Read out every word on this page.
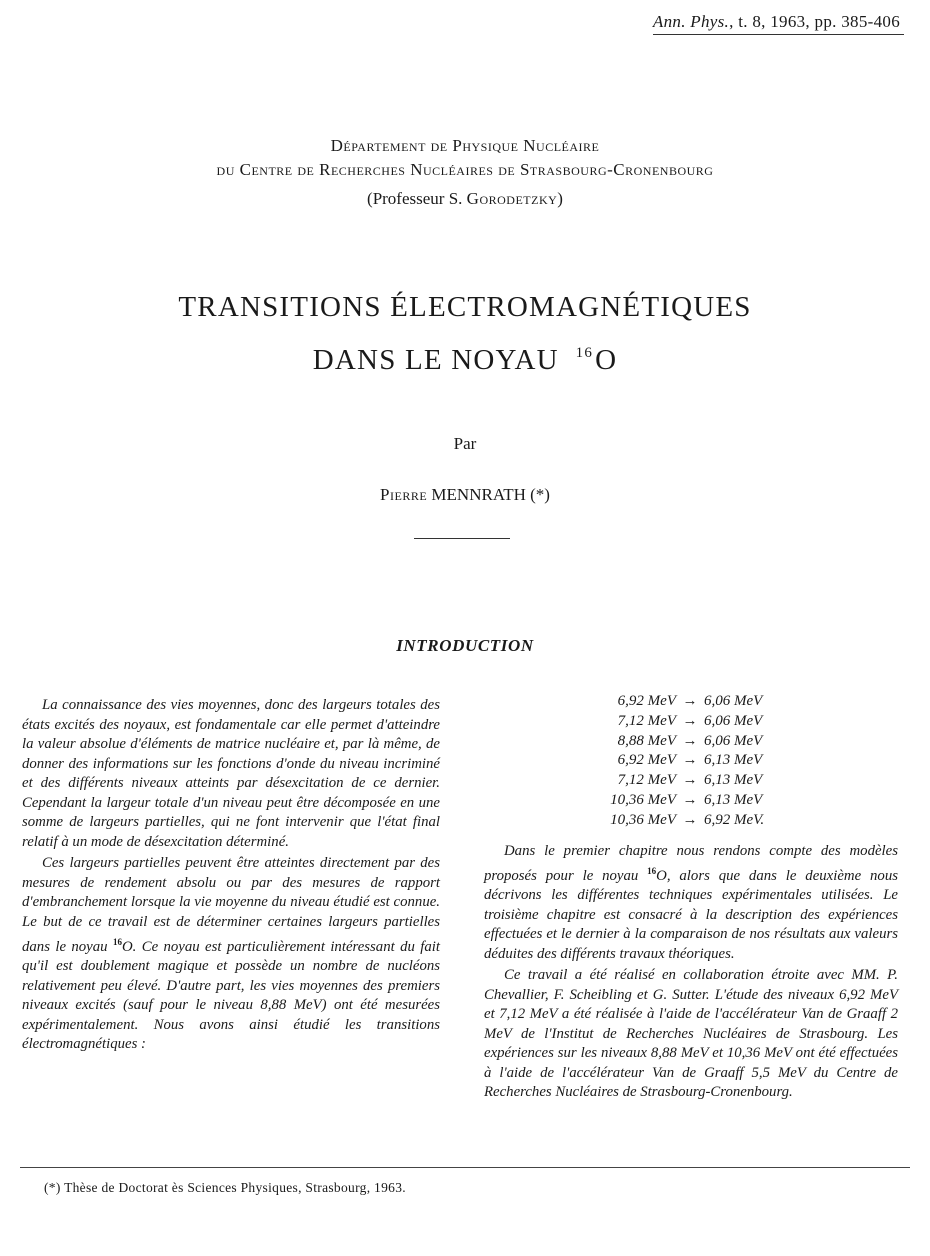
Ann. Phys., t. 8, 1963, pp. 385-406
Département de Physique Nucléaire
du Centre de Recherches Nucléaires de Strasbourg-Cronenbourg
(Professeur S. Gorodetzky)
TRANSITIONS ÉLECTROMAGNÉTIQUES
DANS LE NOYAU $^{16}$O
Par
Pierre MENNRATH (*)
INTRODUCTION

La connaissance des vies moyennes, donc des largeurs totales des états excités des noyaux, est fondamentale car elle permet d'atteindre la valeur absolue d'éléments de matrice nucléaire et, par là même, de donner des informations sur les fonctions d'onde du niveau incriminé et des différents niveaux atteints par désexcitation de ce dernier. Cependant la largeur totale d'un niveau peut être décomposée en une somme de largeurs partielles, qui ne font intervenir que l'état final relatif à un mode de désexcitation déterminé.

Ces largeurs partielles peuvent être atteintes directement par des mesures de rendement absolu ou par des mesures de rapport d'embranchement lorsque la vie moyenne du niveau étudié est connue. Le but de ce travail est de déterminer certaines largeurs partielles dans le noyau $^{16}$O. Ce noyau est particulièrement intéressant du fait qu'il est doublement magique et possède un nombre de nucléons relativement peu élevé. D'autre part, les vies moyennes des premiers niveaux excités (sauf pour le niveau 8,88 MeV) ont été mesurées expérimentalement. Nous avons ainsi étudié les transitions électromagnétiques :

6,92 MeV → 6,06 MeV
7,12 MeV → 6,06 MeV
8,88 MeV → 6,06 MeV
6,92 MeV → 6,13 MeV
7,12 MeV → 6,13 MeV
10,36 MeV → 6,13 MeV
10,36 MeV → 6,92 MeV.

Dans le premier chapitre nous rendons compte des modèles proposés pour le noyau $^{16}$O, alors que dans le deuxième nous décrivons les différentes techniques expérimentales utilisées. Le troisième chapitre est consacré à la description des expériences effectuées et le dernier à la comparaison de nos résultats aux valeurs déduites des différents travaux théoriques.

Ce travail a été réalisé en collaboration étroite avec MM. P. Chevallier, F. Scheibling et G. Sutter. L'étude des niveaux 6,92 MeV et 7,12 MeV a été réalisée à l'aide de l'accélérateur Van de Graaff 2 MeV de l'Institut de Recherches Nucléaires de Strasbourg. Les expériences sur les niveaux 8,88 MeV et 10,36 MeV ont été effectuées à l'aide de l'accélérateur Van de Graaff 5,5 MeV du Centre de Recherches Nucléaires de Strasbourg-Cronenbourg.

(*) Thèse de Doctorat ès Sciences Physiques, Strasbourg, 1963.
